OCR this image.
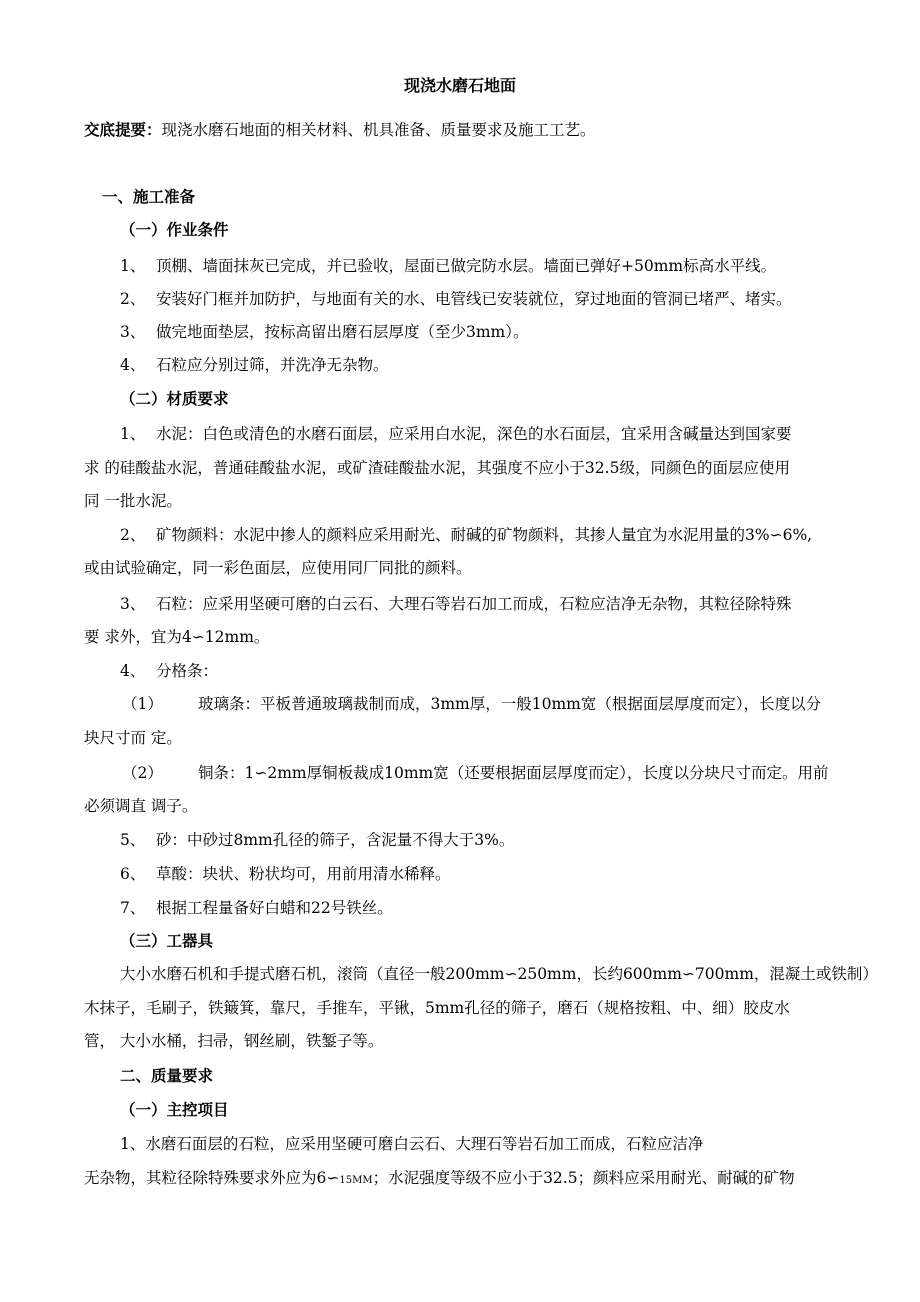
现浇水磨石地面
交底提要：现浇水磨石地面的相关材料、机具准备、质量要求及施工工艺。
一、施工准备
（一）作业条件
1、 顶棚、墙面抹灰已完成，并已验收，屋面已做完防水层。墙面已弹好+50mm标高水平线。
2、 安装好门框并加防护，与地面有关的水、电管线已安装就位，穿过地面的管洞已堵严、堵实。
3、 做完地面垫层，按标高留出磨石层厚度（至少3mm）。
4、 石粒应分别过筛，并洗净无杂物。
（二）材质要求
1、 水泥：白色或清色的水磨石面层，应采用白水泥，深色的水石面层，宜采用含碱量达到国家要
求 的硅酸盐水泥，普通硅酸盐水泥，或矿渣硅酸盐水泥，其强度不应小于32.5级，同颜色的面层应使用
同 一批水泥。
2、 矿物颜料：水泥中掺人的颜料应采用耐光、耐碱的矿物颜料，其掺人量宜为水泥用量的3%∽6%,
或由试验确定，同一彩色面层，应使用同厂同批的颜料。
3、 石粒：应采用坚硬可磨的白云石、大理石等岩石加工而成，石粒应洁净无杂物，其粒径除特殊
要 求外，宜为4∽12mm。
4、 分格条：
（1） 玻璃条：平板普通玻璃裁制而成，3mm厚，一般10mm宽（根据面层厚度而定），长度以分
块尺寸而 定。
（2） 铜条：1∽2mm厚铜板裁成10mm宽（还要根据面层厚度而定），长度以分块尺寸而定。用前
必须调直 调子。
5、 砂：中砂过8mm孔径的筛子，含泥量不得大于3%。
6、 草酸：块状、粉状均可，用前用清水稀释。
7、 根据工程量备好白蜡和22号铁丝。
（三）工器具
大小水磨石机和手提式磨石机，滚筒（直径一般200mm∽250mm，长约600mm∽700mm，混凝土或铁制）
木抹子，毛刷子，铁簸箕，靠尺，手推车，平锹，5mm孔径的筛子，磨石（规格按粗、中、细）胶皮水
管， 大小水桶，扫帚，钢丝刷，铁錾子等。
二、质量要求
（一）主控项目
1、水磨石面层的石粒，应采用坚硬可磨白云石、大理石等岩石加工而成，石粒应洁净
无杂物，其粒径除特殊要求外应为6∽15MM；水泥强度等级不应小于32.5；颜料应采用耐光、耐碱的矿物
